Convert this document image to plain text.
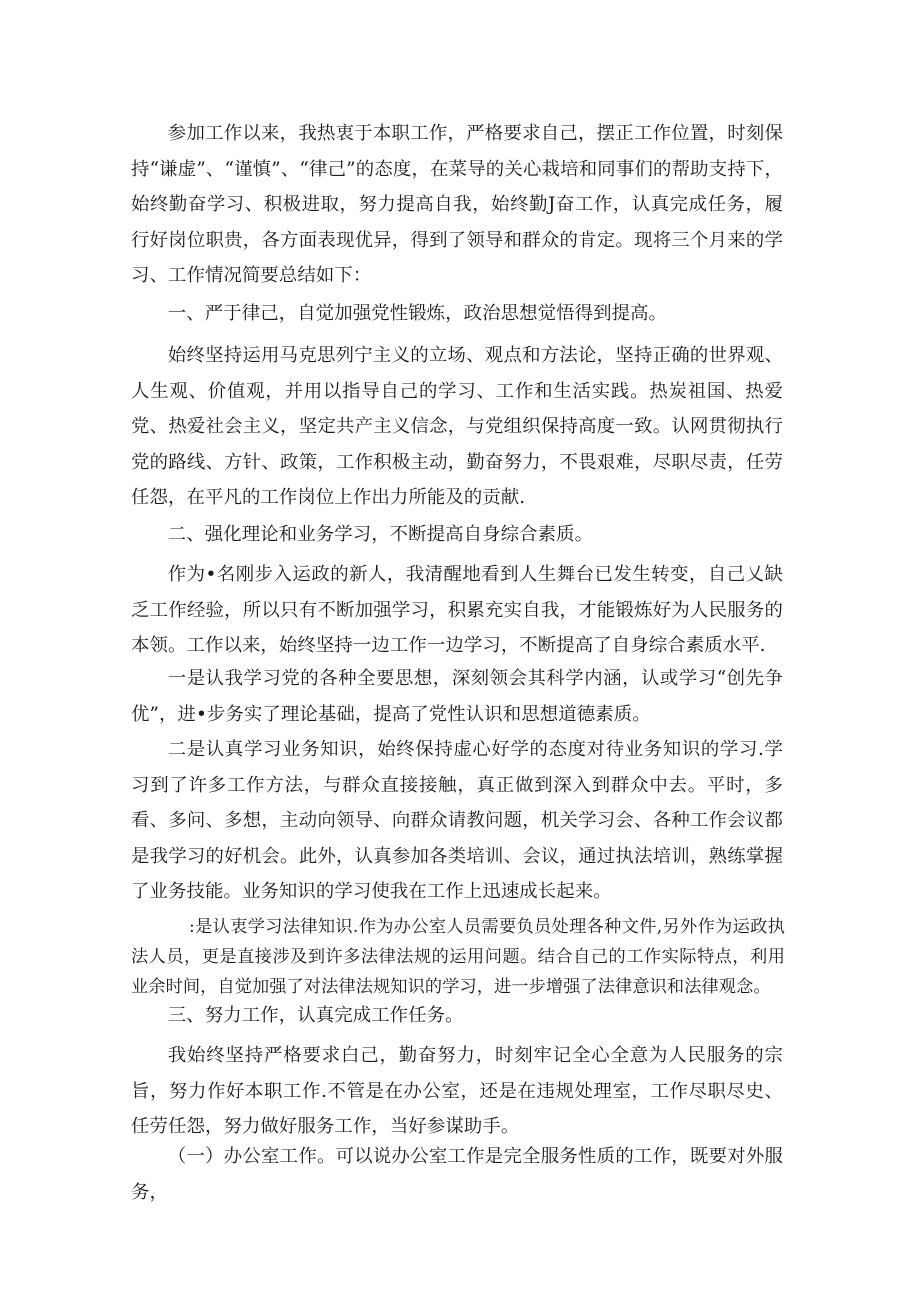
参加工作以来，我热衷于本职工作，严格要求自己，摆正工作位置，时刻保持“谦虚”、“谨慎”、“律己”的态度，在菜导的关心栽培和同事们的帮助支持下，始终勤奋学习、积极进取，努力提高自我，始终勤J奋工作，认真完成任务，履行好岗位职贵，各方面表现优异，得到了领导和群众的肯定。现将三个月来的学习、工作情况简要总结如下：

一、严于律己，自觉加强党性锻炼，政治思想觉悟得到提高。

始终坚持运用马克思列宁主义的立场、观点和方法论，坚持正确的世界观、人生观、价值观，并用以指导自己的学习、工作和生活实践。热炭祖国、热爱党、热爱社会主义，坚定共产主义信念，与党组织保持高度一致。认网贯彻执行党的路线、方针、政策，工作积极主动，勤奋努力，不畏艰难，尽职尽责，任劳任怨，在平凡的工作岗位上作出力所能及的贡献.

二、强化理论和业务学习，不断提高自身综合素质。

作为•名刚步入运政的新人，我清醒地看到人生舞台已发生转变，自己乂缺乏工作经验，所以只有不断加强学习，积累充实自我，才能锻炼好为人民服务的本领。工作以来，始终坚持一边工作一边学习，不断提高了自身综合素质水平.

一是认我学习党的各种全要思想，深刻领会其科学内涵，认或学习“创先争优”，进•步务实了理论基础，提高了党性认识和思想道德素质。

二是认真学习业务知识，始终保持虚心好学的态度对待业务知识的学习.学习到了许多工作方法，与群众直接接触，真正做到深入到群众中去。平时，多看、多问、多想，主动向领导、向群众请教问题，机关学习会、各种工作会议都是我学习的好机会。此外，认真参加各类培训、会议，通过执法培训，熟练掌握了业务技能。业务知识的学习使我在工作上迅速成长起来。

:是认衷学习法律知识.作为办公室人员需要负员处理各种文件,另外作为运政执法人员，更是直接涉及到许多法律法规的运用问题。结合自己的工作实际特点，利用业余时间，自觉加强了对法律法规知识的学习，进一步增强了法律意识和法律观念。

三、努力工作，认真完成工作任务。

我始终坚持严格要求白己，勤奋努力，时刻牢记全心全意为人民服务的宗旨，努力作好本职工作.不管是在办公室，还是在违规处理室，工作尽职尽史、任劳任怨，努力做好服务工作，当好参谋助手。

（一）办公室工作。可以说办公室工作是完全服务性质的工作，既要对外服务，
